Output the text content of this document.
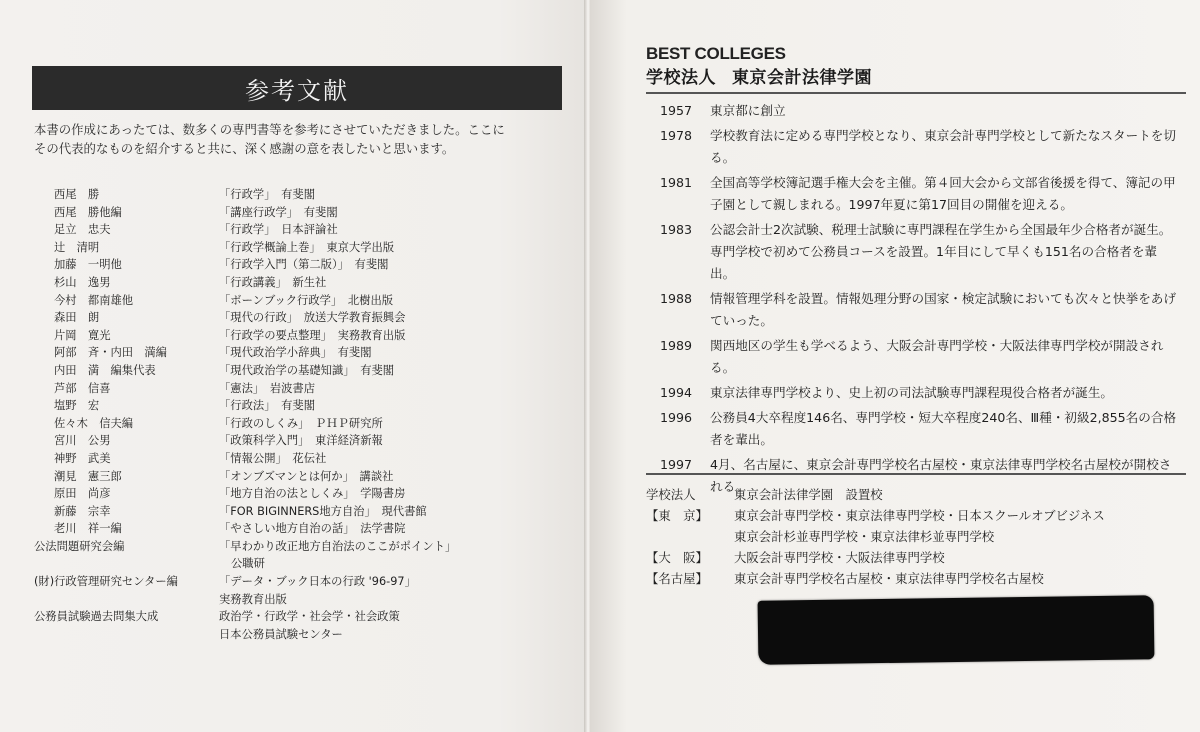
参考文献

本書の作成にあったては、数多くの専門書等を参考にさせていただきました。ここに

その代表的なものを紹介すると共に、深く感謝の意を表したいと思います。

西尾　勝	「行政学」　有斐閣
西尾　勝他編	「講座行政学」　有斐閣
足立　忠夫	「行政学」　日本評論社
辻　清明	「行政学概論上巻」　東京大学出版
加藤　一明他	「行政学入門（第二版）」　有斐閣
杉山　逸男	「行政講義」　新生社
今村　都南雄他	「ボーンブック行政学」　北樹出版
森田　朗	「現代の行政」　放送大学教育振興会
片岡　寛光	「行政学の要点整理」　実務教育出版
阿部　斉・内田　満編	「現代政治学小辞典」　有斐閣
内田　満　編集代表	「現代政治学の基礎知識」　有斐閣
芦部　信喜	「憲法」　岩波書店
塩野　宏	「行政法」　有斐閣
佐々木　信夫編	「行政のしくみ」　ＰＨＰ研究所
宮川　公男	「政策科学入門」　東洋経済新報
神野　武美	「情報公開」　花伝社
潮見　憲三郎	「オンブズマンとは何か」　講談社
原田　尚彦	「地方自治の法としくみ」　学陽書房
新藤　宗幸	「FOR BIGINNERS地方自治」　現代書館
老川　祥一編	「やさしい地方自治の話」　法学書院
公法問題研究会編	「早わかり改正地方自治法のここがポイント」
公職研
(財)行政管理研究センター編	「データ・ブック日本の行政 '96-97」
実務教育出版
公務員試験過去問集大成	政治学・行政学・社会学・社会政策
日本公務員試験センター
BEST COLLEGES
学校法人 東京会計法律学園
1957	東京都に創立
1978	学校教育法に定める専門学校となり、東京会計専門学校として新たなスタートを切る。
1981	全国高等学校簿記選手権大会を主催。第４回大会から文部省後援を得て、簿記の甲子園として親しまれる。1997年夏に第17回目の開催を迎える。
1983	公認会計士2次試験、税理士試験に専門課程在学生から全国最年少合格者が誕生。専門学校で初めて公務員コースを設置。1年目にして早くも151名の合格者を輩出。
1988	情報管理学科を設置。情報処理分野の国家・検定試験においても次々と快挙をあげていった。
1989	関西地区の学生も学べるよう、大阪会計専門学校・大阪法律専門学校が開設される。
1994	東京法律専門学校より、史上初の司法試験専門課程現役合格者が誕生。
1996	公務員4大卒程度146名、専門学校・短大卒程度240名、Ⅲ種・初級2,855名の合格者を輩出。
1997	4月、名古屋に、東京会計専門学校名古屋校・東京法律専門学校名古屋校が開校される。
学校法人	東京会計法律学園　設置校
【東　京】	東京会計専門学校・東京法律専門学校・日本スクールオブビジネス
東京会計杉並専門学校・東京法律杉並専門学校
【大　阪】	大阪会計専門学校・大阪法律専門学校
【名古屋】	東京会計専門学校名古屋校・東京法律専門学校名古屋校
